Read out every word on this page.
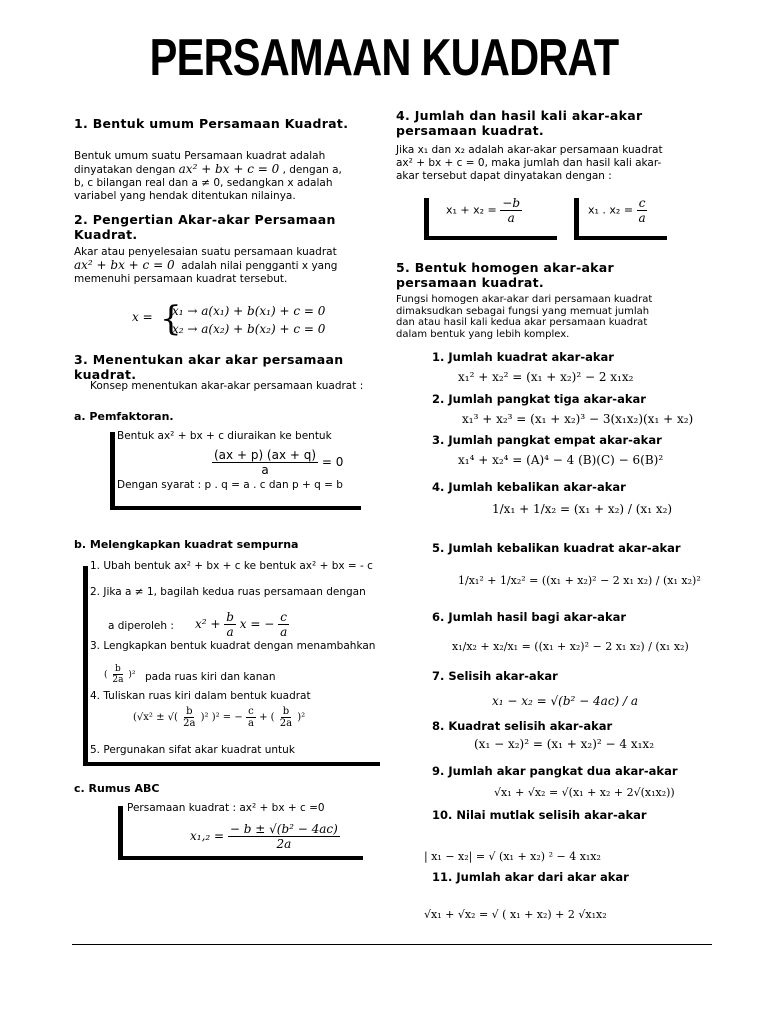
PERSAMAAN KUADRAT
1. Bentuk umum Persamaan Kuadrat.
Bentuk umum suatu Persamaan kuadrat adalah
dinyatakan dengan ax² + bx + c = 0 , dengan a,
b, c bilangan real dan a ≠ 0, sedangkan x adalah
variabel yang hendak ditentukan nilainya.
2. Pengertian Akar-akar Persamaan Kuadrat.
Akar atau penyelesaian suatu persamaan kuadrat
ax² + bx + c = 0 adalah nilai pengganti x yang
memenuhi persamaan kuadrat tersebut.
x = {
x₁ → a(x₁) + b(x₁) + c = 0
x₂ → a(x₂) + b(x₂) + c = 0
3. Menentukan akar akar persamaan kuadrat.
Konsep menentukan akar-akar persamaan kuadrat :
a. Pemfaktoran.
Bentuk ax² + bx + c diuraikan ke bentuk
$\frac{(ax + p) (ax + q)}{a} = 0$
Dengan syarat : p . q = a . c dan p + q = b
b. Melengkapkan kuadrat sempurna
1. Ubah bentuk ax² + bx + c ke bentuk ax² + bx = - c
2. Jika a ≠ 1, bagilah kedua ruas persamaan dengan
a diperoleh : $x^2 + \frac{b}{a}$ x = − $\frac{c}{a}$
3. Lengkapkan bentuk kuadrat dengan menambahkan
( $\frac{b}{2a} )^2$ pada ruas kiri dan kanan
4. Tuliskan ruas kiri dalam bentuk kuadrat
(√x² ± √( $\frac{b}{2a} )^2$ )² = − $\frac{c}{a}$ + ( $\frac{b}{2a} )^2$
5. Pergunakan sifat akar kuadrat untuk
c. Rumus ABC
Persamaan kuadrat : ax² + bx + c =0
$x_1,_2 = \frac{\text{− b ± √(b² − 4ac)}}{2a}$
4. Jumlah dan hasil kali akar-akar persamaan kuadrat.
Jika x₁ dan x₂ adalah akar-akar persamaan kuadrat
ax² + bx + c = 0, maka jumlah dan hasil kali akar-
akar tersebut dapat dinyatakan dengan :
$x_1 + x_2 = \frac{-b}{a}$	x₁ . $x_2 = \frac{c}{a}$
5. Bentuk homogen akar-akar persamaan kuadrat.
Fungsi homogen akar-akar dari persamaan kuadrat
dimaksudkan sebagai fungsi yang memuat jumlah
dan atau hasil kali kedua akar persamaan kuadrat
dalam bentuk yang lebih komplex.
1. Jumlah kuadrat akar-akar
x₁² + x₂² = (x₁ + x₂)² − 2 x₁x₂
2. Jumlah pangkat tiga akar-akar
x₁³ + x₂³ = (x₁ + x₂)³ − 3(x₁x₂)(x₁ + x₂)
3. Jumlah pangkat empat akar-akar
x₁⁴ + x₂⁴ = (A)⁴ − 4 (B)(C) − 6(B)²
4. Jumlah kebalikan akar-akar
1/x₁ + 1/x₂ = (x₁ + x₂) / (x₁ x₂)
5. Jumlah kebalikan kuadrat akar-akar
1/x₁² + 1/x₂² = ((x₁ + x₂)² − 2 x₁ x₂) / (x₁ x₂)²
6. Jumlah hasil bagi akar-akar
x₁/x₂ + x₂/x₁ = ((x₁ + x₂)² − 2 x₁ x₂) / (x₁ x₂)
7. Selisih akar-akar
x₁ − x₂ = √(b² − 4ac) / a
8. Kuadrat selisih akar-akar
(x₁ − x₂)² = (x₁ + x₂)² − 4 x₁x₂
9. Jumlah akar pangkat dua akar-akar
√x₁ + √x₂ = √(x₁ + x₂ + 2√(x₁x₂))
10. Nilai mutlak selisih akar-akar
| x₁ − x₂| = √ (x₁ + x₂) ² − 4 x₁x₂
11. Jumlah akar dari akar akar
√x₁ + √x₂ = √ ( x₁ + x₂) + 2 √x₁x₂
